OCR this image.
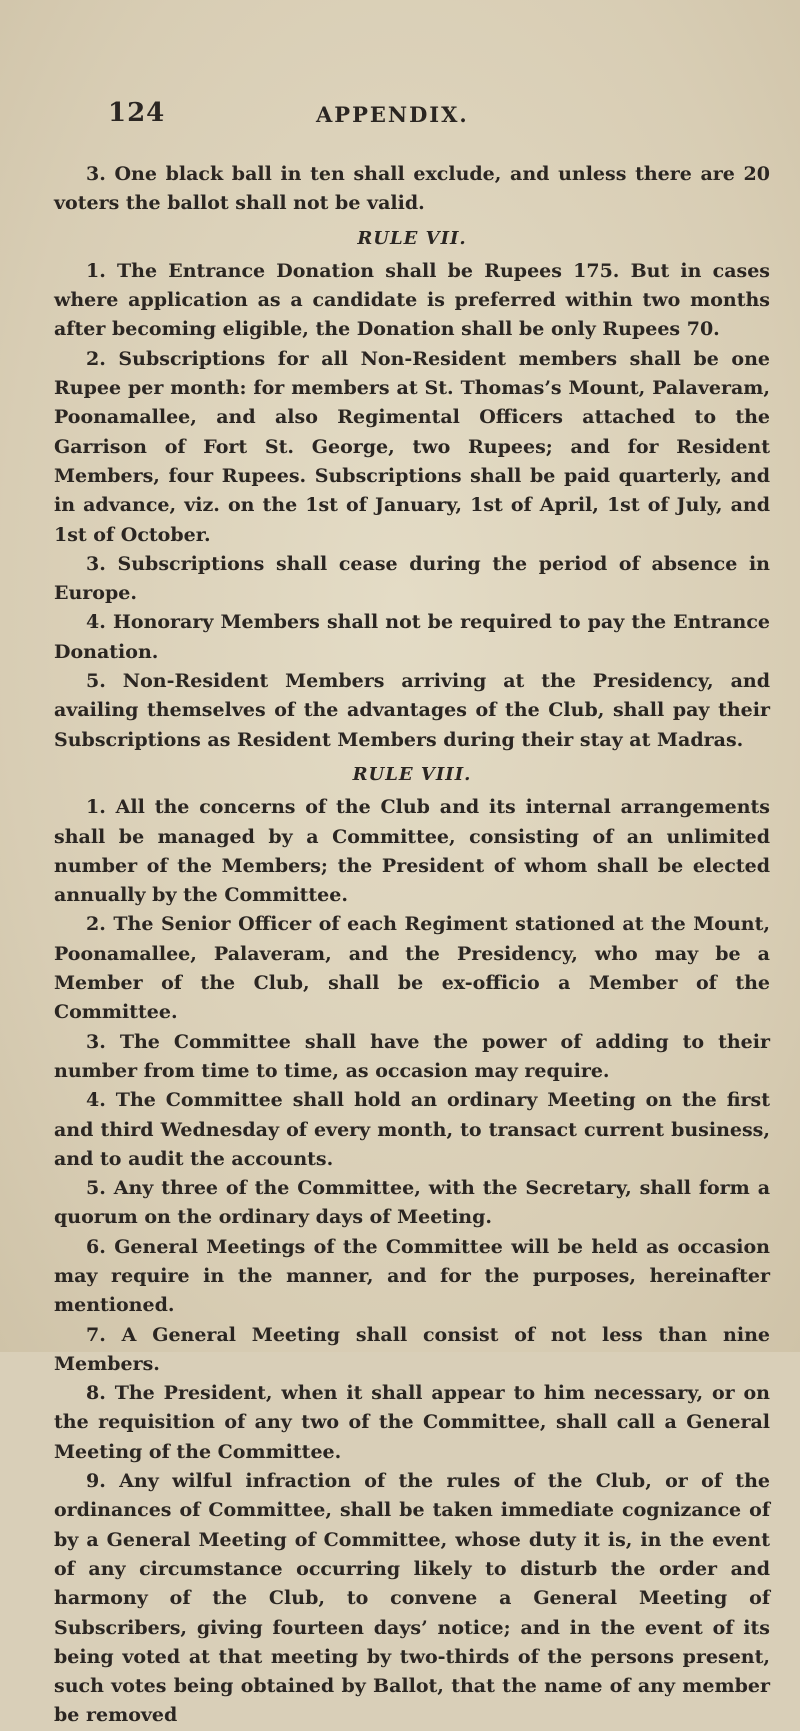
124	APPENDIX.

3. One black ball in ten shall exclude, and unless there are 20 voters the ballot shall not be valid.

RULE VII.

1. The Entrance Donation shall be Rupees 175. But in cases where application as a candidate is preferred within two months after becoming eligible, the Donation shall be only Rupees 70.

2. Subscriptions for all Non-Resident members shall be one Rupee per month: for members at St. Thomas’s Mount, Palaveram, Poonamallee, and also Regimental Officers attached to the Garrison of Fort St. George, two Rupees; and for Resident Members, four Rupees. Subscriptions shall be paid quarterly, and in advance, viz. on the 1st of January, 1st of April, 1st of July, and 1st of October.

3. Subscriptions shall cease during the period of absence in Europe.

4. Honorary Members shall not be required to pay the Entrance Donation.

5. Non-Resident Members arriving at the Presidency, and availing themselves of the advantages of the Club, shall pay their Subscriptions as Resident Members during their stay at Madras.

RULE VIII.

1. All the concerns of the Club and its internal arrangements shall be managed by a Committee, consisting of an unlimited number of the Members; the President of whom shall be elected annually by the Committee.

2. The Senior Officer of each Regiment stationed at the Mount, Poonamallee, Palaveram, and the Presidency, who may be a Member of the Club, shall be ex-officio a Member of the Committee.

3. The Committee shall have the power of adding to their number from time to time, as occasion may require.

4. The Committee shall hold an ordinary Meeting on the first and third Wednesday of every month, to transact current business, and to audit the accounts.

5. Any three of the Committee, with the Secretary, shall form a quorum on the ordinary days of Meeting.

6. General Meetings of the Committee will be held as occasion may require in the manner, and for the purposes, hereinafter mentioned.

7. A General Meeting shall consist of not less than nine Members.

8. The President, when it shall appear to him necessary, or on the requisition of any two of the Committee, shall call a General Meeting of the Committee.

9. Any wilful infraction of the rules of the Club, or of the ordinances of Committee, shall be taken immediate cognizance of by a General Meeting of Committee, whose duty it is, in the event of any circumstance occurring likely to disturb the order and harmony of the Club, to convene a General Meeting of Subscribers, giving fourteen days’ notice; and in the event of its being voted at that meeting by two-thirds of the persons present, such votes being obtained by Ballot, that the name of any member be removed
